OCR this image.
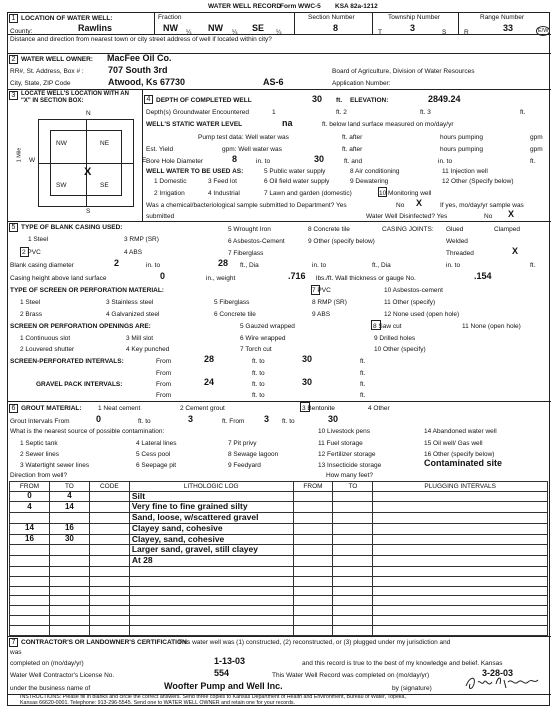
WATER WELL RECORD
Form WWC-5 KSA 82a-1212
1 LOCATION OF WATER WELL:
County:	Rawlins
Fraction
NW ¼ NW ¼ SE ¼
Section Number
8
Township Number
T	3	S
Range Number
R	33	E/W
Distance and direction from nearest town or city street address of well if located within city?
2 WATER WELL OWNER: MacFee Oil Co.
RR#, St. Address, Box # :	707 South 3rd
City, State, ZIP Code	Atwood, Ks 67730	AS-6
Board of Agriculture, Division of Water Resources
Application Number:
3 LOCATE WELL'S LOCATION WITH AN "X" IN SECTION BOX:
N
S
W	E
1 Mile
NW	NE
SW	SE
X
4 DEPTH OF COMPLETED WELL	30 ft. ELEVATION:	2849.24
Depth(s) Groundwater Encountered	1	ft. 2	ft. 3	ft.
WELL'S STATIC WATER LEVEL	na	ft. below land surface measured on mo/day/yr
Pump test data: Well water was	ft. after	hours pumping	gpm
Est. Yield	gpm: Well water was	ft. after	hours pumping	gpm
Bore Hole Diameter	8	in. to	30	ft. and	in. to	ft.
WELL WATER TO BE USED AS:	5 Public water supply	8 Air conditioning	11 Injection well
1 Domestic	3 Feed lot	6 Oil field water supply	9 Dewatering	12 Other (Specify below)
2 Irrigation	4 Industrial	7 Lawn and garden (domestic)	10 Monitoring well
Was a chemical/bacteriological sample submitted to Department? Yes	No X	If yes, mo/day/yr sample was
submitted	Water Well Disinfected? Yes	No X
5 TYPE OF BLANK CASING USED:
1 Steel	3 RMP (SR)
5 Wrought Iron	8 Concrete tile
2 PVC	4 ABS
6 Asbestos-Cement	9 Other (specify below)
7 Fiberglass
CASING JOINTS: Glued	Clamped
Welded
Threaded	X
Blank casing diameter	2	in. to	28 ft., Dia	in. to	ft., Dia	in. to	ft.
Casing height above land surface	0	in., weight	.716 lbs./ft. Wall thickness or gauge No.	.154
TYPE OF SCREEN OR PERFORATION MATERIAL:
1 Steel	3 Stainless steel	5 Fiberglass
7 PVC
8 RMP (SR)
10 Asbestos-cement
11 Other (specify)
2 Brass	4 Galvanized steel	6 Concrete tile	9 ABS	12 None used (open hole)
SCREEN OR PERFORATION OPENINGS ARE:	5 Gauzed wrapped	8 Saw cut	11 None (open hole)
1 Continuous slot	3 Mill slot	6 Wire wrapped	9 Drilled holes
2 Louvered shutter	4 Key punched	7 Torch cut	10 Other (specify)
SCREEN-PERFORATED INTERVALS:	From	28	ft. to	30	ft.
From	ft. to	ft.
GRAVEL PACK INTERVALS:	From	24	ft. to	30	ft.
From	ft. to	ft.
6 GROUT MATERIAL:	1 Neat cement	2 Cement grout	3 Bentonite	4 Other
Grout Intervals From	0	ft. to	3	ft. From 3 ft. to	30
What is the nearest source of possible contamination:
1 Septic tank	4 Lateral lines	7 Pit privy
10 Livestock pens	14 Abandoned water well
2 Sewer lines	5 Cess pool	8 Sewage lagoon
11 Fuel storage	15 Oil well/ Gas well
3 Watertight sewer lines	6 Seepage pit	9 Feedyard
12 Fertilizer storage
13 Insecticide storage
16 Other (specify below)
Contaminated site
Direction from well?	How many feet?
FROM	TO	CODE	LITHOLOGIC LOG	FROM	TO	PLUGGING INTERVALS
0	4		Silt			
4	14		Very fine to fine grained silty			
			Sand, loose, w/scattered gravel			
14	16		Clayey sand, cohesive			
16	30		Clayey, sand, cohesive			
			Larger sand, gravel, still clayey			
			At 28			

7 CONTRACTOR'S OR LANDOWNER'S CERTIFICATION:
This water well was (1) constructed, (2) reconstructed, or (3) plugged under my jurisdiction and
was
completed on (mo/day/yr)	1-13-03	and this record is true to the best of my knowledge and belief. Kansas
Water Well Contractor's License No.	554	This Water Well Record was completed on (mo/day/yr)	3-28-03
under the business name of	Woofter Pump and Well Inc.	by (signature)
INSTRUCTIONS: Please fill in blanks and circle the correct answers. Send three copies to Kansas Department of Health and Environment, Bureau of Water, Topeka,
Kansas 66620-0001. Telephone: 913-296-5545. Send one to WATER WELL OWNER and retain one for your records.
